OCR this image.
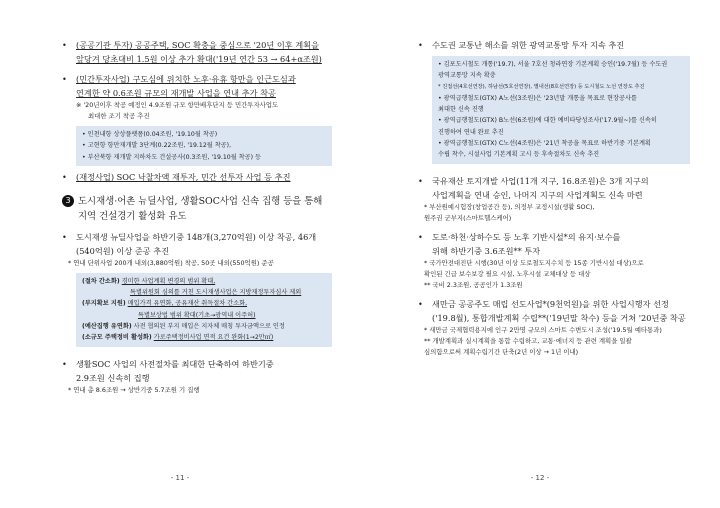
• (공공기관 투자) 공공주택, SOC 확충을 중심으로 '20년 이후 계획을
앞당겨 당초대비 1.5원 이상 추가 확대('19년 연간 53 → 64+α조원)
• (민간투자사업) 구도심에 위치한 노후·유휴 항만을 인근도심과
연계한 약 0.6조원 규모의 재개발 사업을 연내 추가 착공
※ '20년이후 착공 예정인 4.9조원 규모 항만배후단지 등 민간투자사업도
최대한 조기 착공 추진
• 인천내항 상상플랫폼(0.04조원, '19.10월 착공)
• 고현항 항만재개발 3단계(0.22조원, '19.12월 착공),
• 부산북항 재개발 지하차도 건설공사(0.3조원, '19.10월 착공) 등
• (재정사업) SOC 낙찰차액 재투자, 민간 선투자 사업 등 추진
3 도시재생·어촌 뉴딜사업, 생활SOC사업 신속 집행 등을 통해
지역 건설경기 활성화 유도
• 도시재생 뉴딜사업을 하반기중 148개(3,270억원) 이상 착공, 46개
(540억원) 이상 준공 추진
* 연내 단위사업 200개 내외(3,880억원) 착공, 50곳 내외(550억원) 준공
(절차 간소화) 경미한 사업계획 변경의 범위 확대,
특별위원회 심의를 거친 도시재생사업은 지방재정투자심사 제외
(부지확보 지원) 매입가격 유연화, 공유재산 취득절차 간소화,
특별보상법 범위 확대(기초→광역내 이주허)
(예산집행 유연화) 사전 협의된 부지 매입은 지자체 매칭 투자금액으로 인정
(소규모 주택정비 활성화) 가로주택정비사업 면적 요건 완화(1→2만㎡)
• 생활SOC 사업의 사전절차를 최대한 단축하여 하반기중
2.9조원 신속히 집행
* 연내 총 8.6조원 → 상반기중 5.7조원 기 집행
- 11 -
• 수도권 교통난 해소를 위한 광역교통망 투자 지속 추진
• 김포도시철도 개통('19.7), 서울 7호선 청라연장 기본계획 승인('19.7월) 등 수도권
광역교통망 지속 확충
* 진접선(4호선연장), 하남선(5호선연장), 별내선(8호선연장) 등 도시철도 노선 연장도 추진
• 광역급행철도(GTX) A노선(3조원)은 '23년말 개통을 목표로 현장공사를
최대한 신속 진행
• 광역급행철도(GTX) B노선(6조원)에 대한 예비타당성조사('17.9월~)를 신속히
진행하여 연내 완료 추진
• 광역급행철도(GTX) C노선(4조원)은 '21년 착공을 목표로 하반기중 기본계획
수립 착수, 시설사업 기본계획 고시 등 후속절차도 신속 추진
• 국유재산 토지개발 사업(11개 지구, 16.8조원)은 3개 지구의
사업계획을 연내 승인, 나머지 지구의 사업계획도 신속 마련
* 부산원예시험장(창업공간 등), 의정부 교정시설(생활 SOC),
원주권 군부지(스마트헬스케어)
• 도로·하천·상하수도 등 노후 기반시설*의 유지·보수를
위해 하반기중 3.6조원** 투자
* 국가안전대진단 시행(30년 이상 도로철도지수치 등 15종 기반시설 대상)으로
확인된 긴급 보수보강 필요 시설, 노후시설 교체대상 등 대상
** 국비 2.3조원, 공공인가 1.3조원
• 새만금 공공주도 매립 선도사업*(9천억원)을 위한 사업시행자 선정
('19.8월), 통합개발계획 수립**('19년말 착수) 등을 거쳐 '20년중 착공
* 새만금 국제협력용지에 인구 2만명 규모의 스마트 수변도시 조성('19.5월 예타통과)
** 개발계획과 실시계획을 통합 수립하고, 교통·에너지 등 관련 계획을 일괄
심의함으로써 계획수립기간 단축(2년 이상 → 1년 이내)
- 12 -
